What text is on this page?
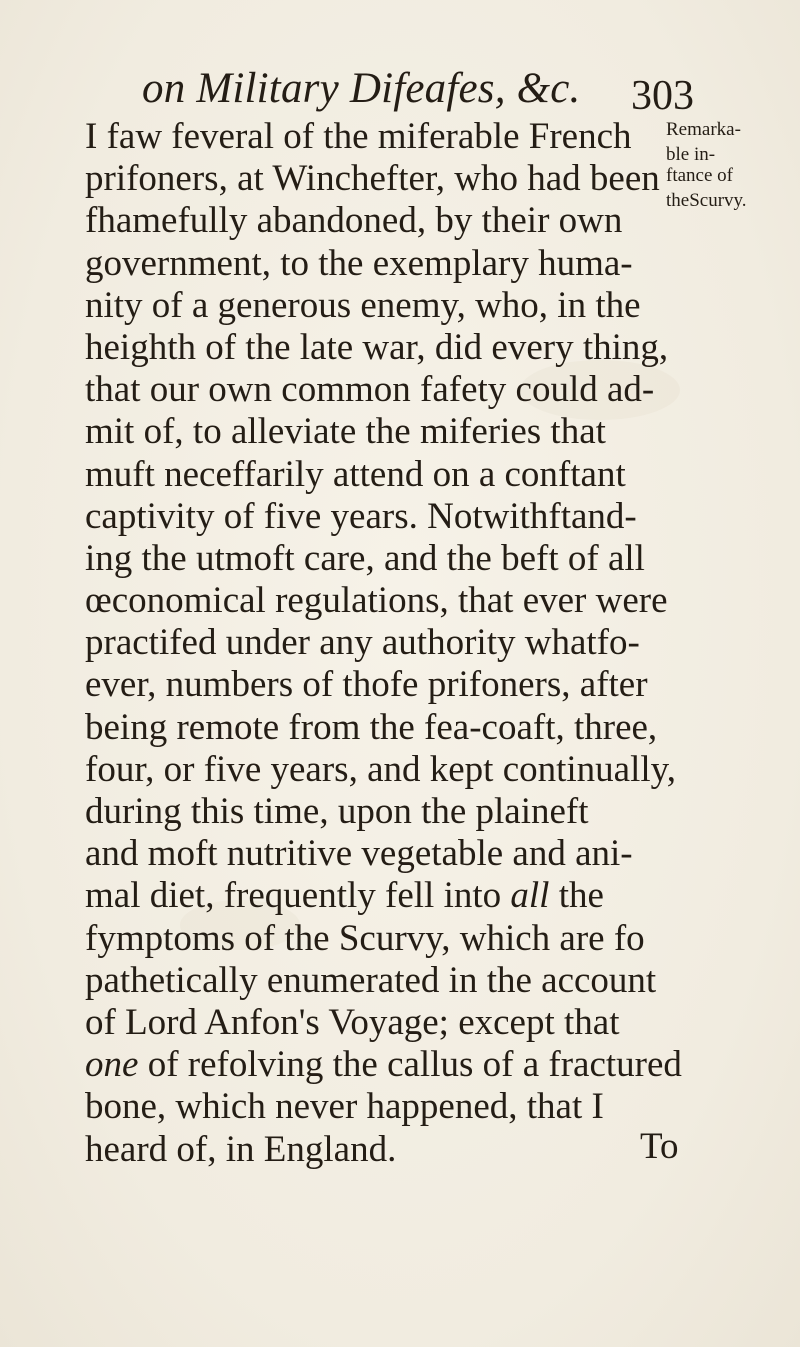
on Military Difeafes, &c. 303
Remarka-
ble in-
ftance of
theScurvy.
I faw feveral of the miferable French
prifoners, at Winchefter, who had been
fhamefully abandoned, by their own
government, to the exemplary huma-
nity of a generous enemy, who, in the
heighth of the late war, did every thing,
that our own common fafety could ad-
mit of, to alleviate the miferies that
muft neceffarily attend on a conftant
captivity of five years. Notwithftand-
ing the utmoft care, and the beft of all
œconomical regulations, that ever were
practifed under any authority whatfo-
ever, numbers of thofe prifoners, after
being remote from the fea-coaft, three,
four, or five years, and kept continually,
during this time, upon the plaineft
and moft nutritive vegetable and ani-
mal diet, frequently fell into all the
fymptoms of the Scurvy, which are fo
pathetically enumerated in the account
of Lord Anfon's Voyage; except that
one of refolving the callus of a fractured
bone, which never happened, that I
heard of, in England.	To
